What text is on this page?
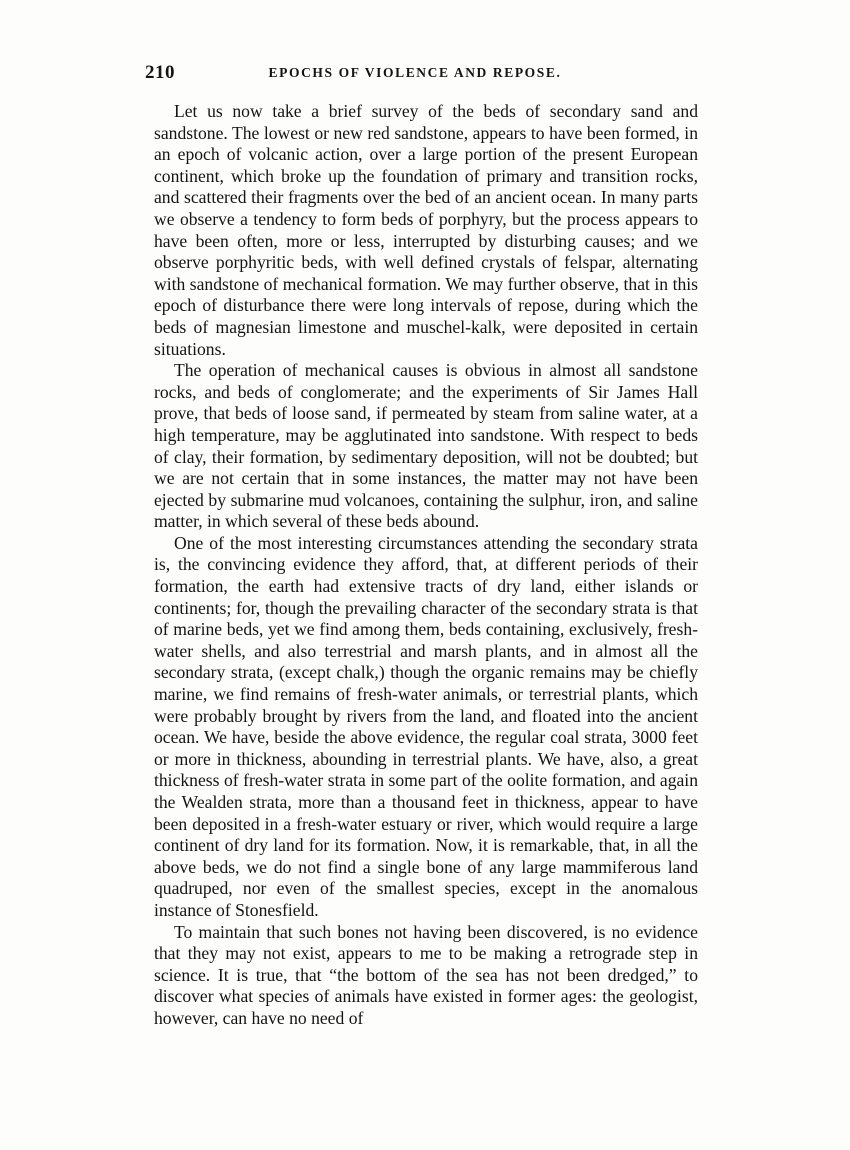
210	EPOCHS OF VIOLENCE AND REPOSE.

Let us now take a brief survey of the beds of secondary sand and sandstone. The lowest or new red sandstone, appears to have been formed, in an epoch of volcanic action, over a large portion of the present European continent, which broke up the foundation of primary and transition rocks, and scattered their fragments over the bed of an ancient ocean. In many parts we observe a tendency to form beds of porphyry, but the process appears to have been often, more or less, interrupted by disturbing causes; and we observe porphyritic beds, with well defined crystals of felspar, alternating with sandstone of mechanical formation. We may further observe, that in this epoch of disturbance there were long intervals of repose, during which the beds of magnesian limestone and muschel-kalk, were deposited in certain situations.

The operation of mechanical causes is obvious in almost all sandstone rocks, and beds of conglomerate; and the experiments of Sir James Hall prove, that beds of loose sand, if permeated by steam from saline water, at a high temperature, may be agglutinated into sandstone. With respect to beds of clay, their formation, by sedimentary deposition, will not be doubted; but we are not certain that in some instances, the matter may not have been ejected by submarine mud volcanoes, containing the sulphur, iron, and saline matter, in which several of these beds abound.

One of the most interesting circumstances attending the secondary strata is, the convincing evidence they afford, that, at different periods of their formation, the earth had extensive tracts of dry land, either islands or continents; for, though the prevailing character of the secondary strata is that of marine beds, yet we find among them, beds containing, exclusively, fresh-water shells, and also terrestrial and marsh plants, and in almost all the secondary strata, (except chalk,) though the organic remains may be chiefly marine, we find remains of fresh-water animals, or terrestrial plants, which were probably brought by rivers from the land, and floated into the ancient ocean. We have, beside the above evidence, the regular coal strata, 3000 feet or more in thickness, abounding in terrestrial plants. We have, also, a great thickness of fresh-water strata in some part of the oolite formation, and again the Wealden strata, more than a thousand feet in thickness, appear to have been deposited in a fresh-water estuary or river, which would require a large continent of dry land for its formation. Now, it is remarkable, that, in all the above beds, we do not find a single bone of any large mammiferous land quadruped, nor even of the smallest species, except in the anomalous instance of Stonesfield.

To maintain that such bones not having been discovered, is no evidence that they may not exist, appears to me to be making a retrograde step in science. It is true, that “the bottom of the sea has not been dredged,” to discover what species of animals have existed in former ages: the geologist, however, can have no need of
